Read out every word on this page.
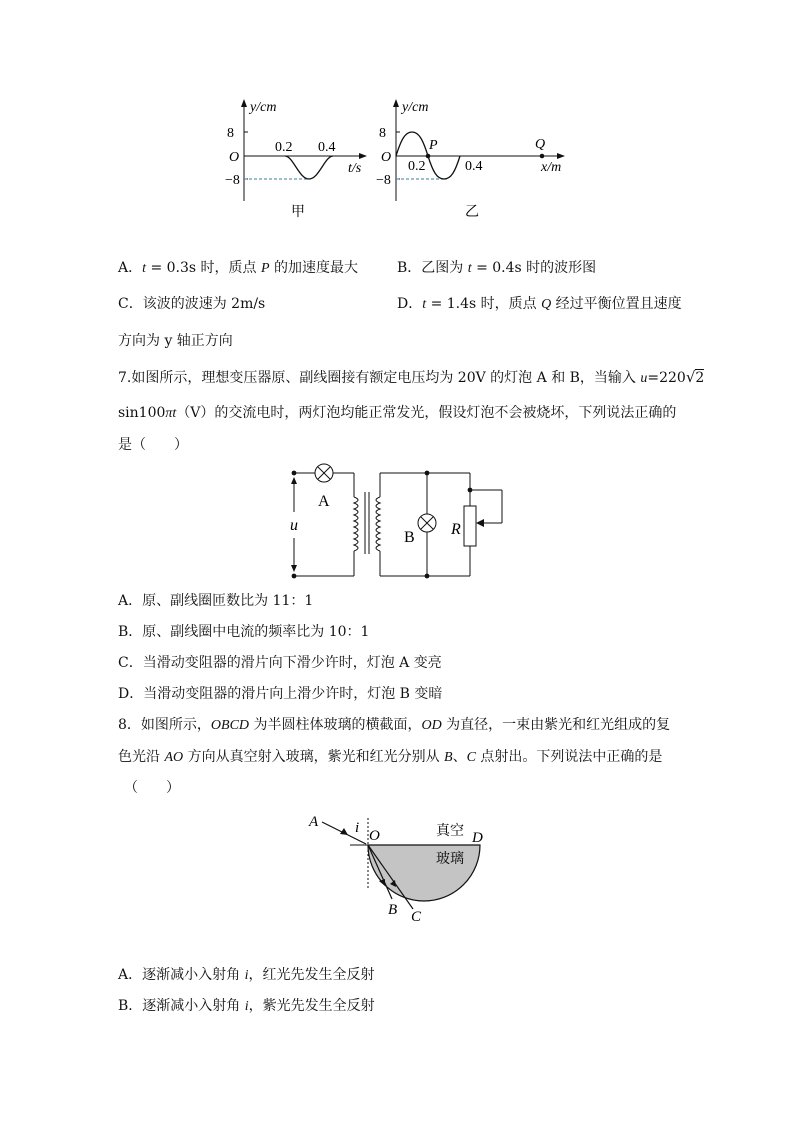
y/cm
8
O
−8
0.2 0.4
t/s
甲
y/cm
8
O
−8
P
0.2	0.4
Q
x/m
乙
A．t = 0.3s 时，质点 P 的加速度最大	B．乙图为 t = 0.4s 时的波形图
C．该波的波速为 2m/s	D．t = 1.4s 时，质点 Q 经过平衡位置且速度
方向为 y 轴正方向
7.如图所示，理想变压器原、副线圈接有额定电压均为 20V 的灯泡 A 和 B，当输入 u=220√2
sin100πt（V）的交流电时，两灯泡均能正常发光，假设灯泡不会被烧坏，下列说法正确的
是（　　）
A
u
B R
A．原、副线圈匝数比为 11：1
B．原、副线圈中电流的频率比为 10：1
C．当滑动变阻器的滑片向下滑少许时，灯泡 A 变亮
D．当滑动变阻器的滑片向上滑少许时，灯泡 B 变暗
8．如图所示，OBCD 为半圆柱体玻璃的横截面，OD 为直径，一束由紫光和红光组成的复
色光沿 AO 方向从真空射入玻璃，紫光和红光分别从 B、C 点射出。下列说法中正确的是
（　　）
A i O	真空 D
玻璃
B C
A．逐渐减小入射角 i，红光先发生全反射
B．逐渐减小入射角 i，紫光先发生全反射
